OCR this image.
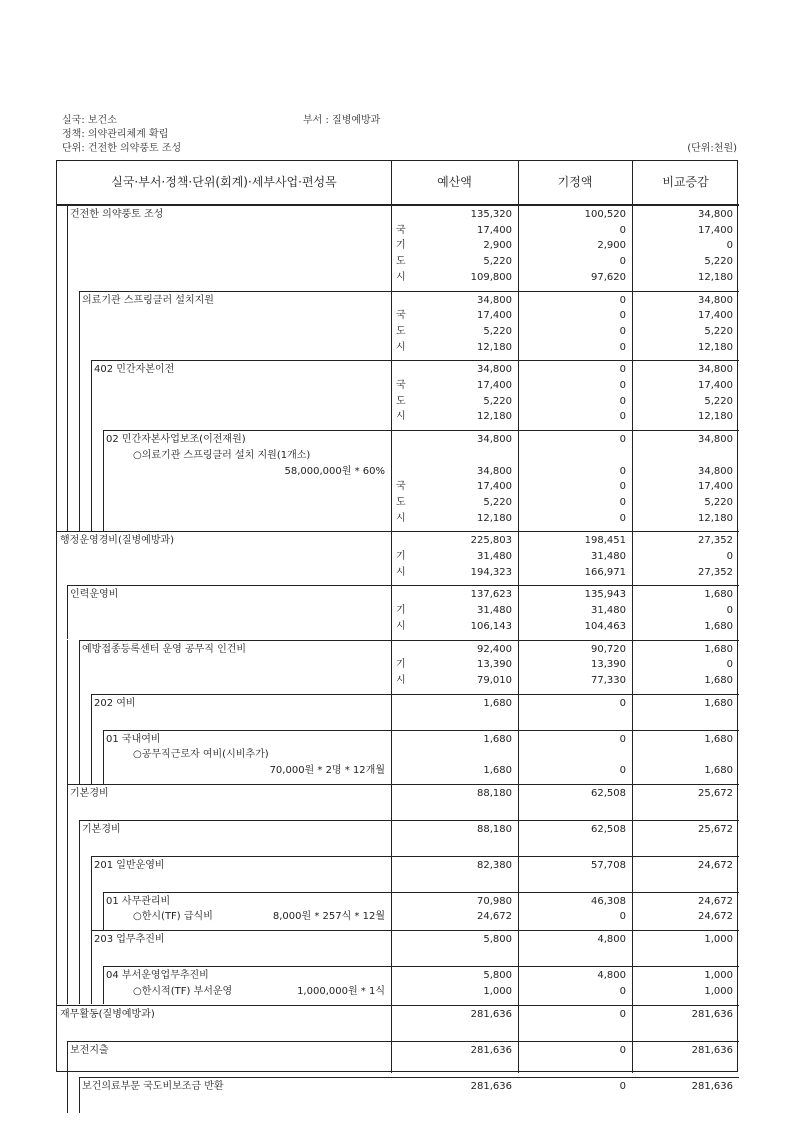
실국: 보건소	부서 : 질병예방과
정책: 의약관리체계 확립
단위: 건전한 의약풍토 조성	(단위:천원)
실국·부서·정책·단위(회계)·세부사업·편성목	예산액	기정액	비교증감
건전한 의약풍토 조성	135,320	100,520	34,800
국	17,400	0	17,400
기	2,900	2,900	0
도	5,220	0	5,220
시	109,800	97,620	12,180
의료기관 스프링클러 설치지원	34,800	0	34,800
국	17,400	0	17,400
도	5,220	0	5,220
시	12,180	0	12,180
402 민간자본이전	34,800	0	34,800
국	17,400	0	17,400
도	5,220	0	5,220
시	12,180	0	12,180
02 민간자본사업보조(이전재원)	34,800	0	34,800
○의료기관 스프링클러 설치 지원(1개소)
58,000,000원 * 60%	34,800	0	34,800
국	17,400	0	17,400
도	5,220	0	5,220
시	12,180	0	12,180
행정운영경비(질병예방과)	225,803	198,451	27,352
기	31,480	31,480	0
시	194,323	166,971	27,352
인력운영비	137,623	135,943	1,680
기	31,480	31,480	0
시	106,143	104,463	1,680
예방접종등록센터 운영 공무직 인건비	92,400	90,720	1,680
기	13,390	13,390	0
시	79,010	77,330	1,680
202 여비	1,680	0	1,680
01 국내여비	1,680	0	1,680
○공무직근로자 여비(시비추가)
70,000원 * 2명 * 12개월	1,680	0	1,680
기본경비	88,180	62,508	25,672
기본경비	88,180	62,508	25,672
201 일반운영비	82,380	57,708	24,672
01 사무관리비	70,980	46,308	24,672
○한시(TF) 급식비	8,000원 * 257식 * 12월	24,672	0	24,672
203 업무추진비	5,800	4,800	1,000
04 부서운영업무추진비	5,800	4,800	1,000
○한시적(TF) 부서운영	1,000,000원 * 1식	1,000	0	1,000
재무활동(질병예방과)	281,636	0	281,636
보전지출	281,636	0	281,636
보건의료부문 국도비보조금 반환	281,636	0	281,636
